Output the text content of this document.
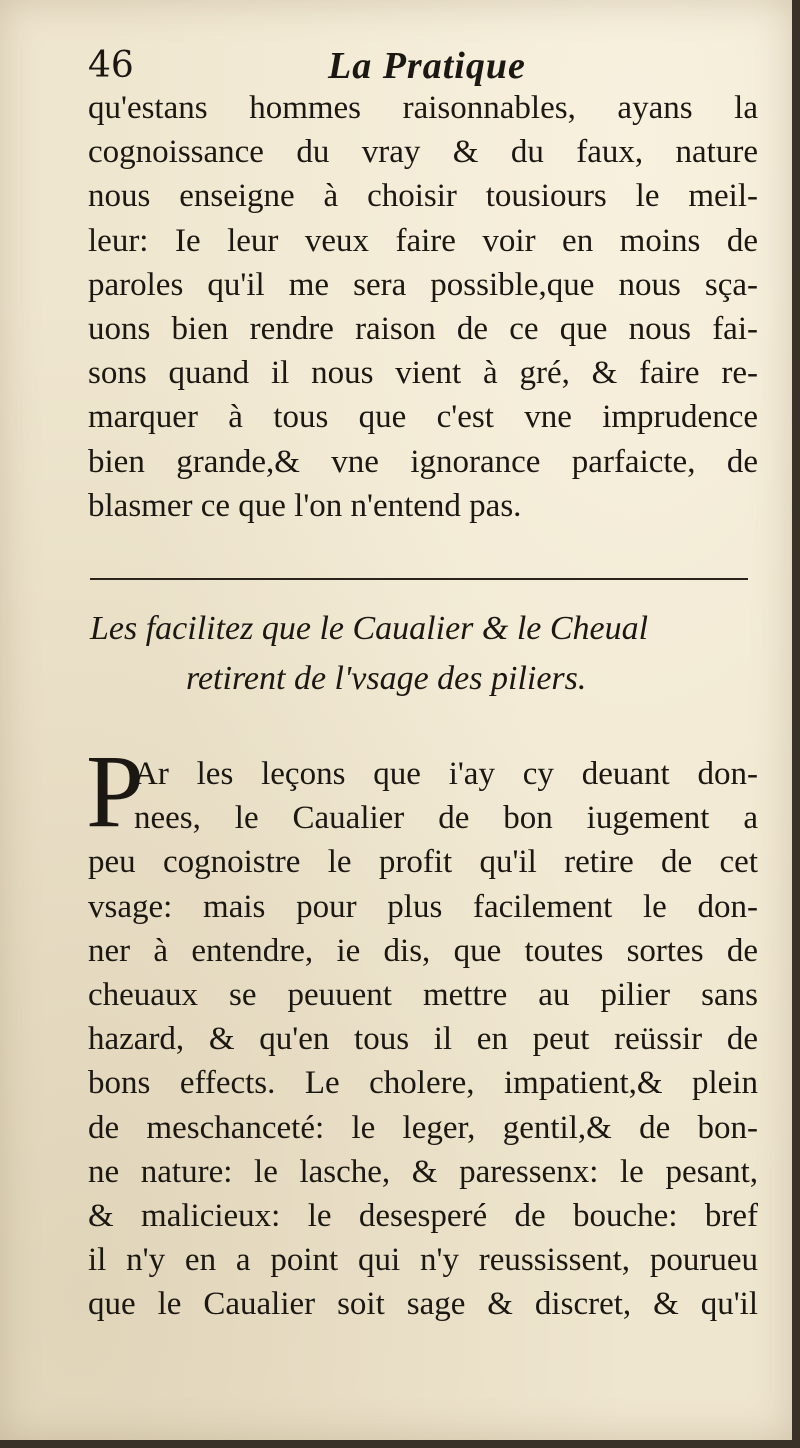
46	La Pratique
qu'estans hommes raisonnables, ayans la
cognoissance du vray & du faux, nature
nous enseigne à choisir tousiours le meil-
leur: Ie leur veux faire voir en moins de
paroles qu'il me sera possible,que nous sça-
uons bien rendre raison de ce que nous fai-
sons quand il nous vient à gré, & faire re-
marquer à tous que c'est vne imprudence
bien grande,& vne ignorance parfaicte, de
blasmer ce que l'on n'entend pas.
Les facilitez que le Caualier & le Cheual
retirent de l'vsage des piliers.
P
Ar les leçons que i'ay cy deuant don-
nees, le Caualier de bon iugement a
peu cognoistre le profit qu'il retire de cet
vsage: mais pour plus facilement le don-
ner à entendre, ie dis, que toutes sortes de
cheuaux se peuuent mettre au pilier sans
hazard, & qu'en tous il en peut reüssir de
bons effects. Le cholere, impatient,& plein
de meschanceté: le leger, gentil,& de bon-
ne nature: le lasche, & paressenx: le pesant,
& malicieux: le desesperé de bouche: bref
il n'y en a point qui n'y reussissent, pourueu
que le Caualier soit sage & discret, & qu'il
